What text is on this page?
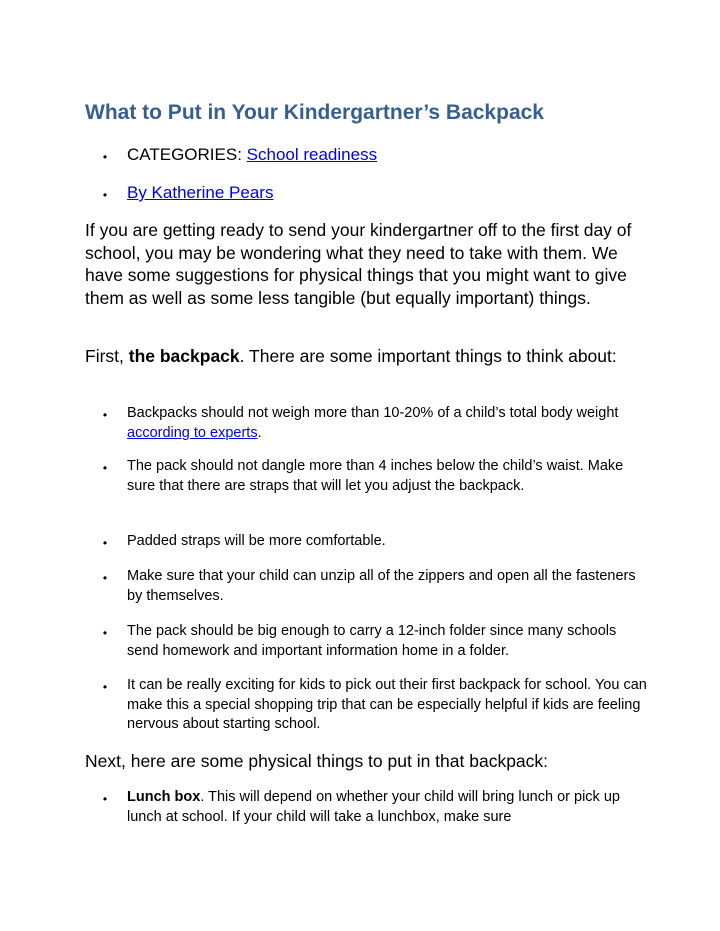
What to Put in Your Kindergartner’s Backpack
• CATEGORIES: School readiness
• By Katherine Pears

If you are getting ready to send your kindergartner off to the first day of school, you may be wondering what they need to take with them. We have some suggestions for physical things that you might want to give them as well as some less tangible (but equally important) things.

First, the backpack. There are some important things to think about:

• Backpacks should not weigh more than 10-20% of a child’s total body weight according to experts.

• The pack should not dangle more than 4 inches below the child’s waist. Make sure that there are straps that will let you adjust the backpack.

• Padded straps will be more comfortable.

• Make sure that your child can unzip all of the zippers and open all the fasteners by themselves.

• The pack should be big enough to carry a 12-inch folder since many schools send homework and important information home in a folder.

• It can be really exciting for kids to pick out their first backpack for school. You can make this a special shopping trip that can be especially helpful if kids are feeling nervous about starting school.

Next, here are some physical things to put in that backpack:

• Lunch box. This will depend on whether your child will bring lunch or pick up lunch at school. If your child will take a lunchbox, make sure
